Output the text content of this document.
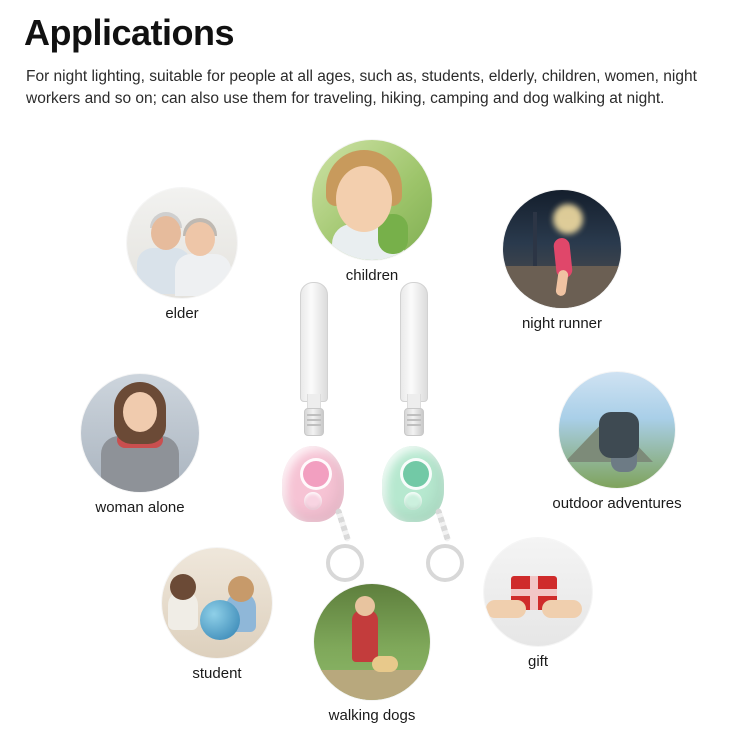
Applications
For night lighting, suitable for people at all ages, such as, students, elderly, children, women, night workers and so on; can also use them for traveling, hiking, camping and dog walking at night.
elder
children
night runner
woman alone	outdoor adventures
student
walking dogs
gift
